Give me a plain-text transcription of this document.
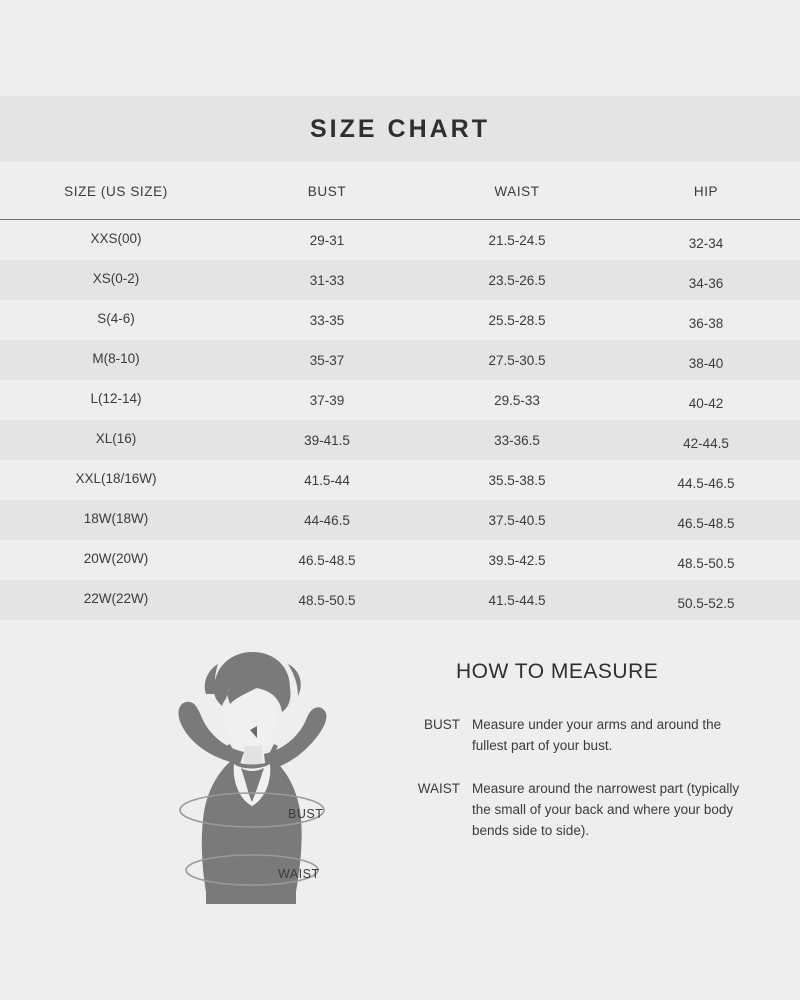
SIZE CHART
SIZE (US SIZE)	BUST	WAIST	HIP
XXS(00)	29-31	21.5-24.5	32-34
XS(0-2)	31-33	23.5-26.5	34-36
S(4-6)	33-35	25.5-28.5	36-38
M(8-10)	35-37	27.5-30.5	38-40
L(12-14)	37-39	29.5-33	40-42
XL(16)	39-41.5	33-36.5	42-44.5
XXL(18/16W)	41.5-44	35.5-38.5	44.5-46.5
18W(18W)	44-46.5	37.5-40.5	46.5-48.5
20W(20W)	46.5-48.5	39.5-42.5	48.5-50.5
22W(22W)	48.5-50.5	41.5-44.5	50.5-52.5
BUST
WAIST
HOW TO MEASURE
BUST Measure under your arms and around the fullest part of your bust.
WAIST Measure around the narrowest part (typically the small of your back and where your body bends side to side).
